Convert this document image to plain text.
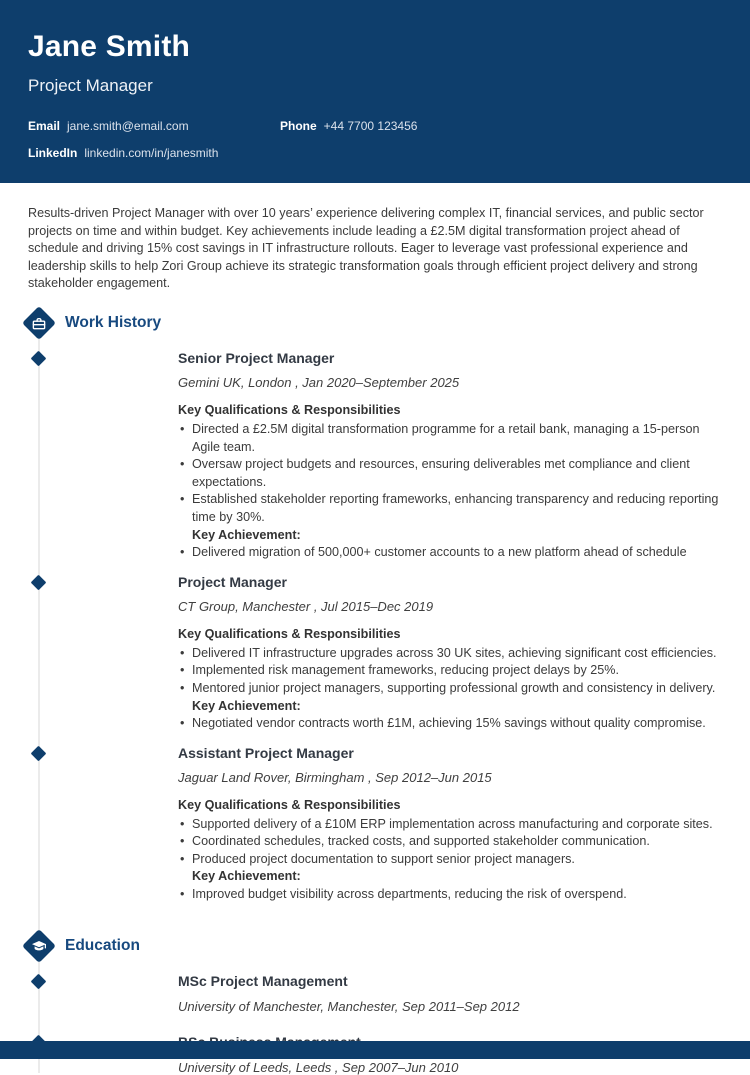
Jane Smith
Project Manager
Email jane.smith@email.com	Phone +44 7700 123456
LinkedIn linkedin.com/in/janesmith

Results-driven Project Manager with over 10 years’ experience delivering complex IT, financial services, and public sector projects on time and within budget. Key achievements include leading a £2.5M digital transformation project ahead of schedule and driving 15% cost savings in IT infrastructure rollouts. Eager to leverage vast professional experience and leadership skills to help Zori Group achieve its strategic transformation goals through efficient project delivery and strong stakeholder engagement.

Work History
Senior Project Manager

Gemini UK, London , Jan 2020–September 2025

Key Qualifications & Responsibilities
• Directed a £2.5M digital transformation programme for a retail bank, managing a 15-person Agile team.
• Oversaw project budgets and resources, ensuring deliverables met compliance and client expectations.
• Established stakeholder reporting frameworks, enhancing transparency and reducing reporting time by 30%.
Key Achievement:
• Delivered migration of 500,000+ customer accounts to a new platform ahead of schedule
Project Manager

CT Group, Manchester , Jul 2015–Dec 2019

Key Qualifications & Responsibilities
• Delivered IT infrastructure upgrades across 30 UK sites, achieving significant cost efficiencies.
• Implemented risk management frameworks, reducing project delays by 25%.
• Mentored junior project managers, supporting professional growth and consistency in delivery.
Key Achievement:
• Negotiated vendor contracts worth £1M, achieving 15% savings without quality compromise.
Assistant Project Manager

Jaguar Land Rover, Birmingham , Sep 2012–Jun 2015

Key Qualifications & Responsibilities
• Supported delivery of a £10M ERP implementation across manufacturing and corporate sites.
• Coordinated schedules, tracked costs, and supported stakeholder communication.
• Produced project documentation to support senior project managers.
Key Achievement:
• Improved budget visibility across departments, reducing the risk of overspend.
Education
MSc Project Management

University of Manchester, Manchester, Sep 2011–Sep 2012

University of Leeds, Leeds , Sep 2007–Jun 2010
